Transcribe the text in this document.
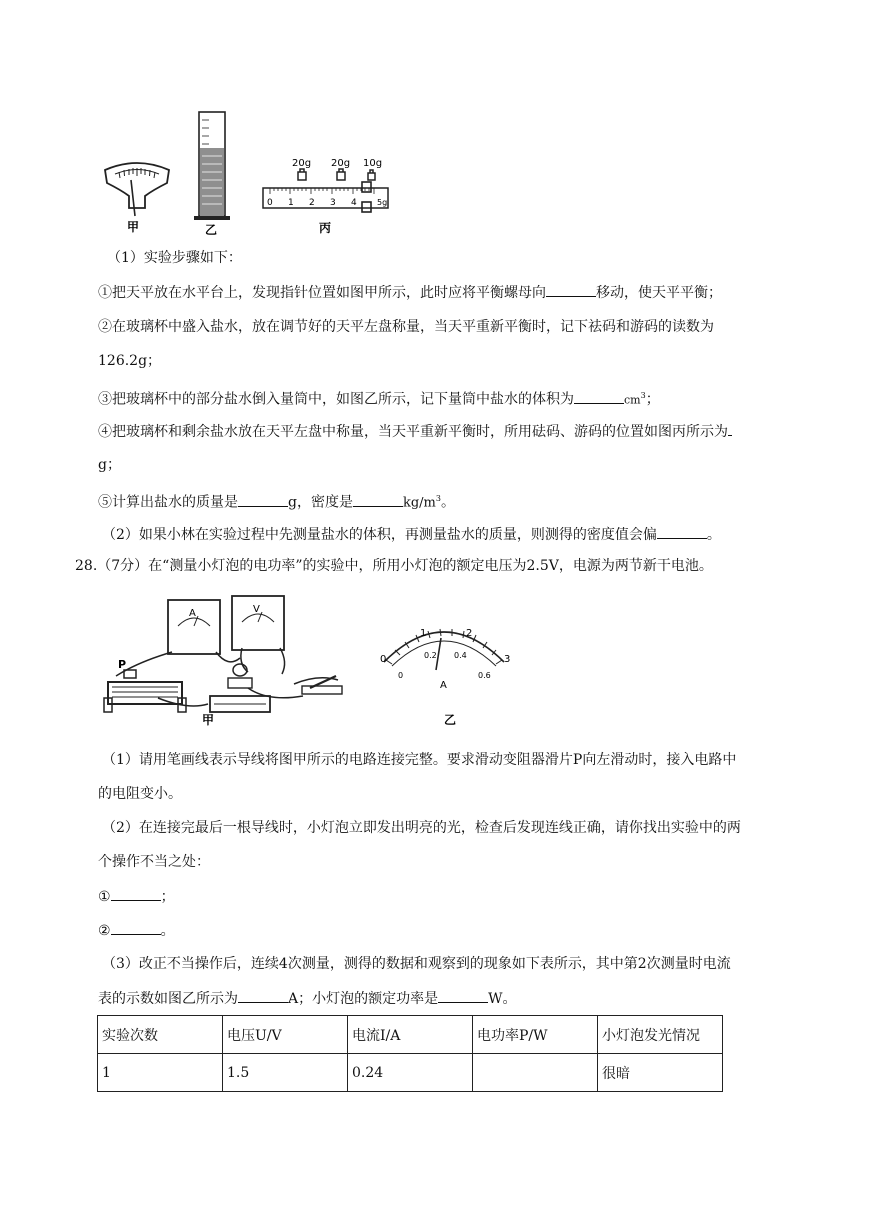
甲	乙
20g 20g 10g
0 1 2 3 4	5g
丙
（1）实验步骤如下：
①把天平放在水平台上，发现指针位置如图甲所示，此时应将平衡螺母向	移动，使天平平衡；
②在玻璃杯中盛入盐水，放在调节好的天平左盘称量，当天平重新平衡时，记下祛码和游码的读数为
126.2g；
③把玻璃杯中的部分盐水倒入量筒中，如图乙所示，记下量筒中盐水的体积为	$cm^3$；
④把玻璃杯和剩余盐水放在天平左盘中称量，当天平重新平衡时，所用砝码、游码的位置如图丙所示为
g；
⑤计算出盐水的质量是	g，密度是	$kg/m^3$。
（2）如果小林在实验过程中先测量盐水的体积，再测量盐水的质量，则测得的密度值会偏	。
28.（7分）在“测量小灯泡的电功率”的实验中，所用小灯泡的额定电压为2.5V，电源为两节新干电池。
A	V
P
甲
0
1	2
3
0
0.2 0.4
0.6
A
乙
（1）请用笔画线表示导线将图甲所示的电路连接完整。要求滑动变阻器滑片P向左滑动时，接入电路中
的电阻变小。
（2）在连接完最后一根导线时，小灯泡立即发出明亮的光，检查后发现连线正确，请你找出实验中的两
个操作不当之处：
①	；
②	。
（3）改正不当操作后，连续4次测量，测得的数据和观察到的现象如下表所示，其中第2次测量时电流
表的示数如图乙所示为	A；小灯泡的额定功率是	W。
实验次数	电压U/V	电流I/A	电功率P/W	小灯泡发光情况
1	1.5	0.24		很暗
